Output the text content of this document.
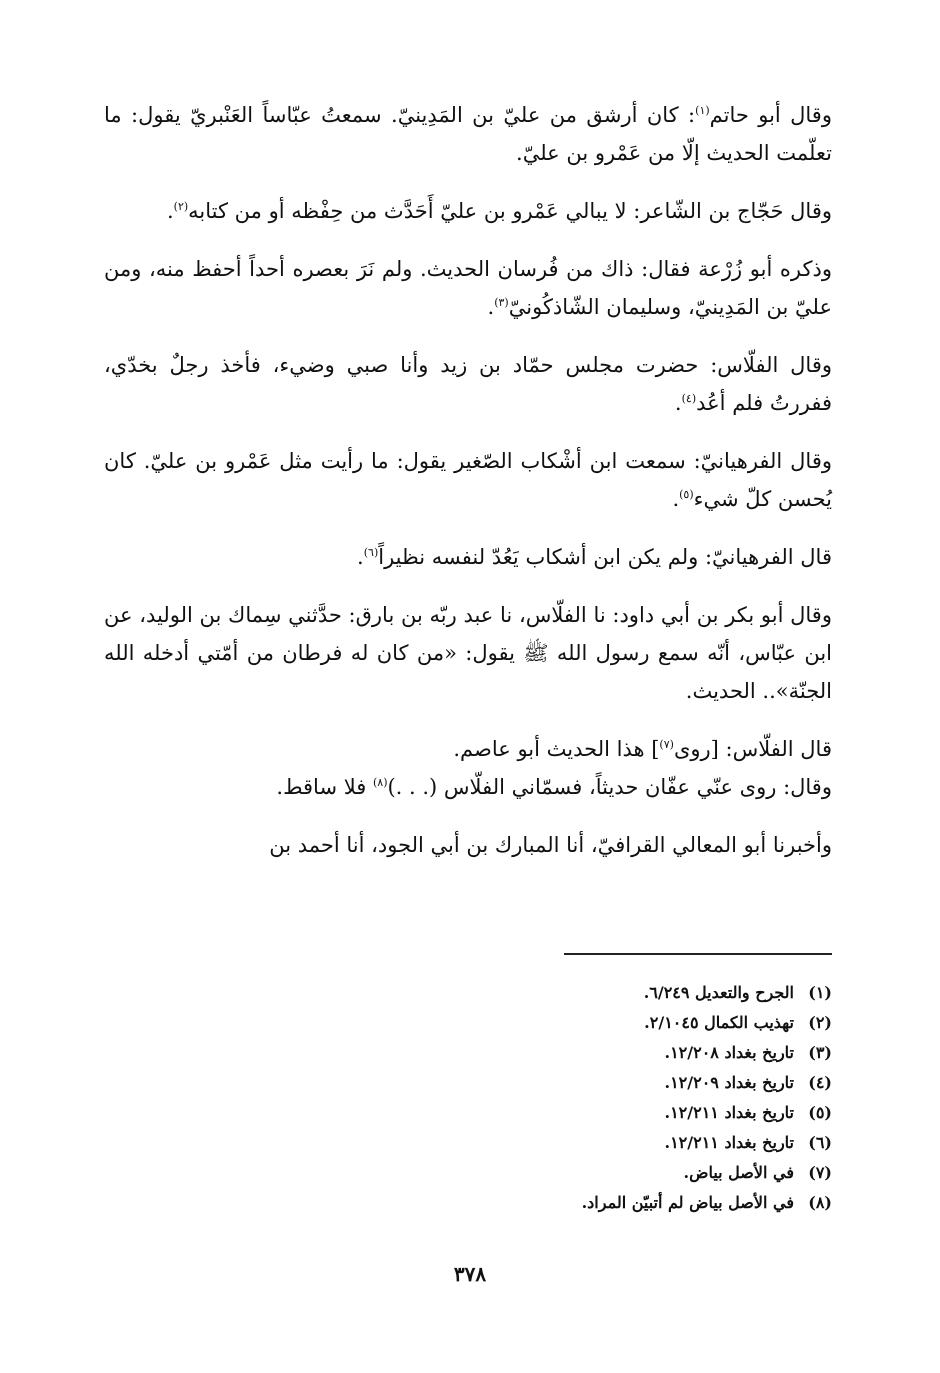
وقال أبو حاتم$^{(١)}$: كان أرشق من عليّ بن المَدِينيّ. سمعتُ عبّاساً العَنْبريّ يقول: ما تعلّمت الحديث إلّا من عَمْرو بن عليّ.

وقال حَجّاج بن الشّاعر: لا يبالي عَمْرو بن عليّ أَحَدَّث من حِفْظه أو من كتابه$^{(٢)}$.

وذكره أبو زُرْعة فقال: ذاك من فُرسان الحديث. ولم نَرَ بعصره أحداً أحفظ منه، ومن عليّ بن المَدِينيّ، وسليمان الشّاذكُونيّ$^{(٣)}$.

وقال الفلّاس: حضرت مجلس حمّاد بن زيد وأنا صبي وضيء، فأخذ رجلٌ بخدّي، ففررتُ فلم أعُد$^{(٤)}$.

وقال الفرهيانيّ: سمعت ابن أشْكاب الصّغير يقول: ما رأيت مثل عَمْرو بن عليّ. كان يُحسن كلّ شيء$^{(٥)}$.

قال الفرهيانيّ: ولم يكن ابن أشكاب يَعُدّ لنفسه نظيراً$^{(٦)}$.

وقال أبو بكر بن أبي داود: نا الفلّاس، نا عبد ربّه بن بارق: حدَّثني سِماك بن الوليد، عن ابن عبّاس، أنّه سمع رسول الله ﷺ يقول: «من كان له فرطان من أمّتي أدخله الله الجنّة».. الحديث.

قال الفلّاس: [روى$^{(٧)}$] هذا الحديث أبو عاصم.

وقال: روى عنّي عفّان حديثاً، فسمّاني الفلّاس (. . .)$^{(٨)}$ فلا ساقط.

وأخبرنا أبو المعالي القرافيّ، أنا المبارك بن أبي الجود، أنا أحمد بن

(١)
الجرح والتعديل ٦/٢٤٩.
(٢)
تهذيب الكمال ٢/١٠٤٥.
(٣)
تاريخ بغداد ١٢/٢٠٨.
(٤)
تاريخ بغداد ١٢/٢٠٩.
(٥)
تاريخ بغداد ١٢/٢١١.
(٦)
تاريخ بغداد ١٢/٢١١.
(٧)
في الأصل بياض.
(٨)
في الأصل بياض لم أتبيّن المراد.
٣٧٨
